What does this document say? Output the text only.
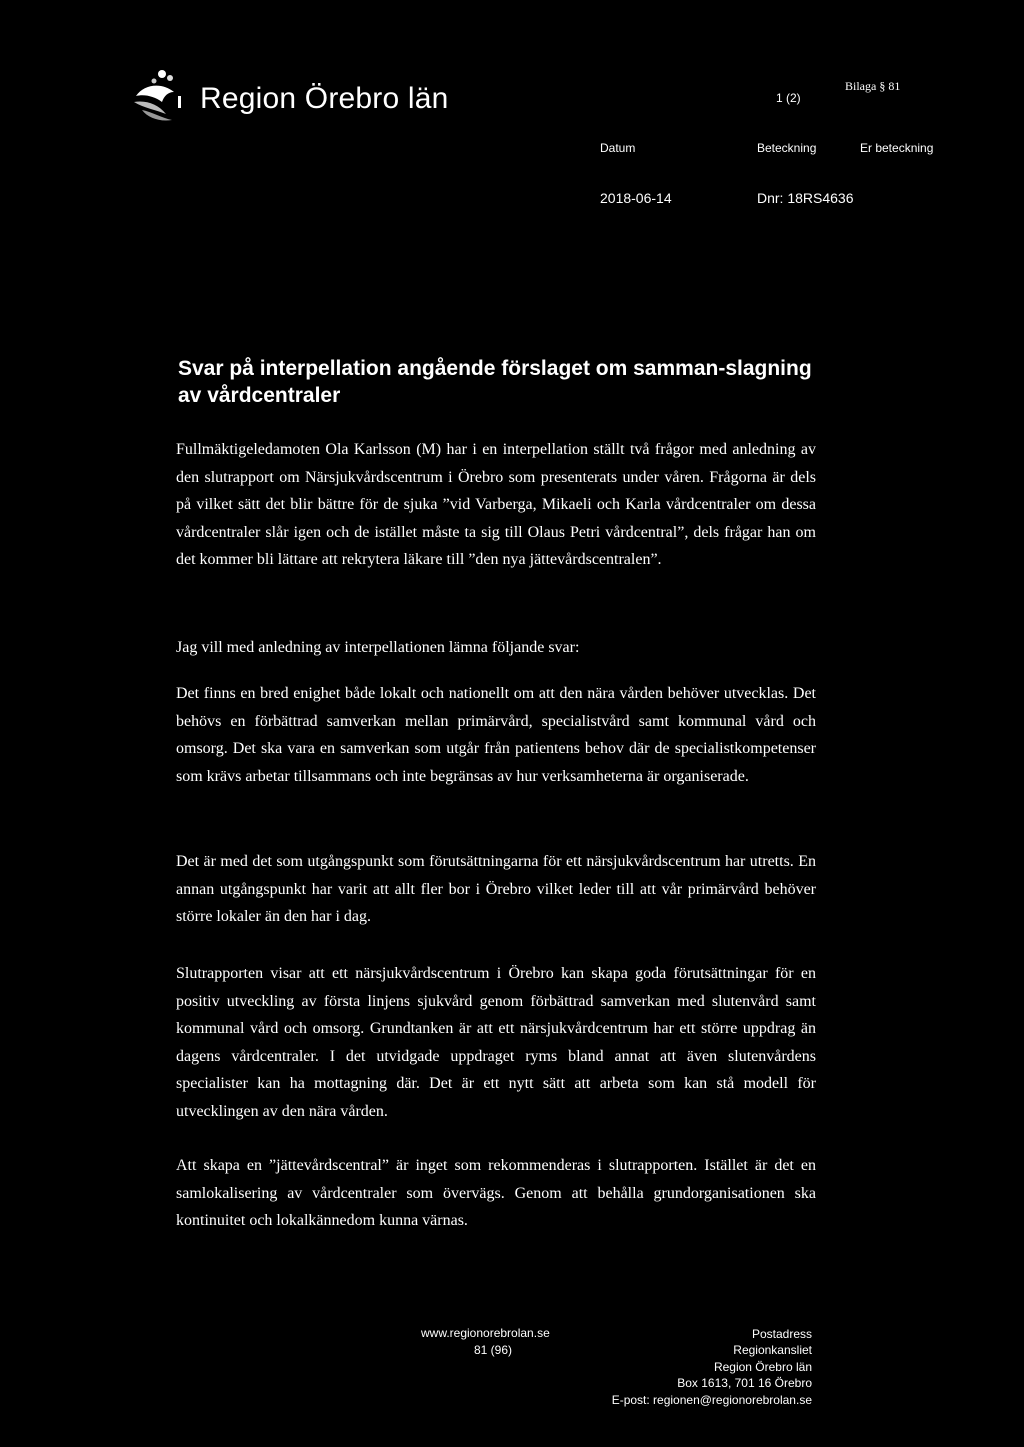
Region Örebro län	1 (2)
Bilaga § 81
Datum	Beteckning	Er beteckning
2018-06-14	Dnr: 18RS4636
Svar på interpellation angående förslaget om samman-slagning av vårdcentraler
Fullmäktigeledamoten Ola Karlsson (M) har i en interpellation ställt två frågor med anledning av den slutrapport om Närsjukvårdscentrum i Örebro som presenterats under våren. Frågorna är dels på vilket sätt det blir bättre för de sjuka ”vid Varberga, Mikaeli och Karla vårdcentraler om dessa vårdcentraler slår igen och de istället måste ta sig till Olaus Petri vårdcentral”, dels frågar han om det kommer bli lättare att rekrytera läkare till ”den nya jättevårdscentralen”.
Jag vill med anledning av interpellationen lämna följande svar:
Det finns en bred enighet både lokalt och nationellt om att den nära vården behöver utvecklas. Det behövs en förbättrad samverkan mellan primärvård, specialistvård samt kommunal vård och omsorg. Det ska vara en samverkan som utgår från patientens behov där de specialistkompetenser som krävs arbetar tillsammans och inte begränsas av hur verksamheterna är organiserade.
Det är med det som utgångspunkt som förutsättningarna för ett närsjukvårdscentrum har utretts. En annan utgångspunkt har varit att allt fler bor i Örebro vilket leder till att vår primärvård behöver större lokaler än den har i dag.
Slutrapporten visar att ett närsjukvårdscentrum i Örebro kan skapa goda förutsättningar för en positiv utveckling av första linjens sjukvård genom förbättrad samverkan med slutenvård samt kommunal vård och omsorg. Grundtanken är att ett närsjukvårdcentrum har ett större uppdrag än dagens vårdcentraler. I det utvidgade uppdraget ryms bland annat att även slutenvårdens specialister kan ha mottagning där. Det är ett nytt sätt att arbeta som kan stå modell för utvecklingen av den nära vården.
Att skapa en ”jättevårdscentral” är inget som rekommenderas i slutrapporten. Istället är det en samlokalisering av vårdcentraler som övervägs. Genom att behålla grundorganisationen ska kontinuitet och lokalkännedom kunna värnas.
www.regionorebrolan.se
81 (96)
Postadress
Regionkansliet
Region Örebro län
Box 1613, 701 16 Örebro
E-post: regionen@regionorebrolan.se
